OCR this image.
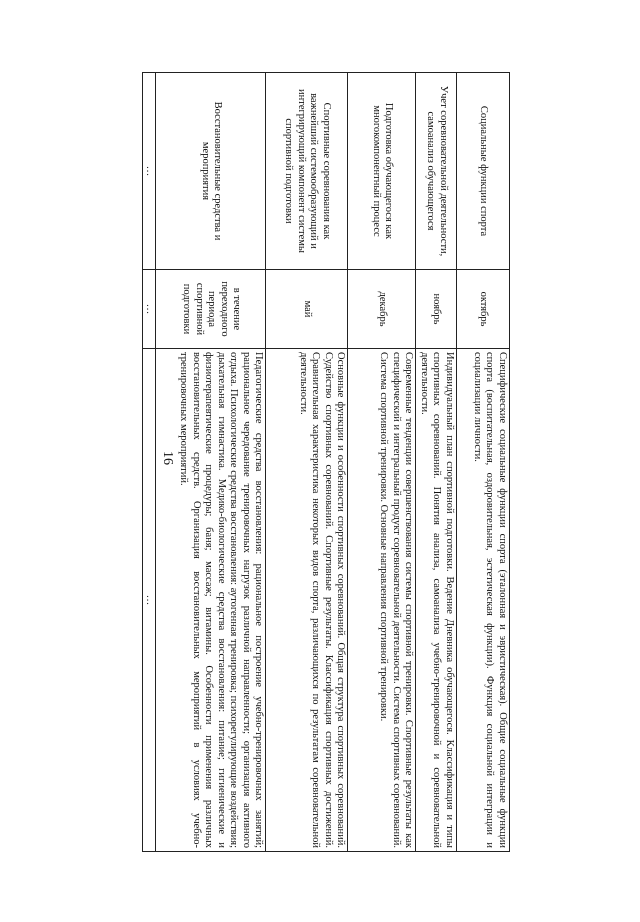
16
Социальные функции спорта	октябрь	Специфические социальные функции спорта (эталонная и эвристическая). Общие социальные функции спорта (воспитательная, оздоровительная, эстетическая функции). Функция социальной интеграции и социализации личности.
Учет соревновательной деятельности, самоанализ обучающегося	ноябрь	Индивидуальный план спортивной подготовки. Ведение Дневника обучающегося. Классификация и типы спортивных соревнований. Понятия анализа, самоанализа учебно-тренировочной и соревновательной деятельности.
Подготовка обучающегося как многокомпонентный процесс	декабрь	Современные тенденции совершенствования системы спортивной тренировки. Спортивные результаты как специфический и интегральный продукт соревновательной деятельности. Система спортивных соревнований. Система спортивной тренировки. Основные направления спортивной тренировки.
Спортивные соревнования как важнейший системообразующий и интегрирующий компонент системы спортивной подготовки	май	Основные функции и особенности спортивных соревнований. Общая структура спортивных соревнований. Судейство спортивных соревнований. Спортивные результаты. Классификация спортивных достижений. Сравнительная характеристика некоторых видов спорта, различающихся по результатам соревновательной деятельности.
Восстановительные средства и мероприятия	в течение переходного периода спортивной подготовки	Педагогические средства восстановления: рациональное построение учебно-тренировочных занятий; рациональное чередование тренировочных нагрузок различной направленности; организация активного отдыха. Психологические средства восстановления: аутогенная тренировка; психорегулирующие воздействия; дыхательная гимнастика. Медико-биологические средства восстановления: питание; гигиенические и физиотерапевтические процедуры; баня; массаж; витамины. Особенности применения различных восстановительных средств. Организация восстановительных мероприятий в условиях учебно-тренировочных мероприятий.
…	…	…
